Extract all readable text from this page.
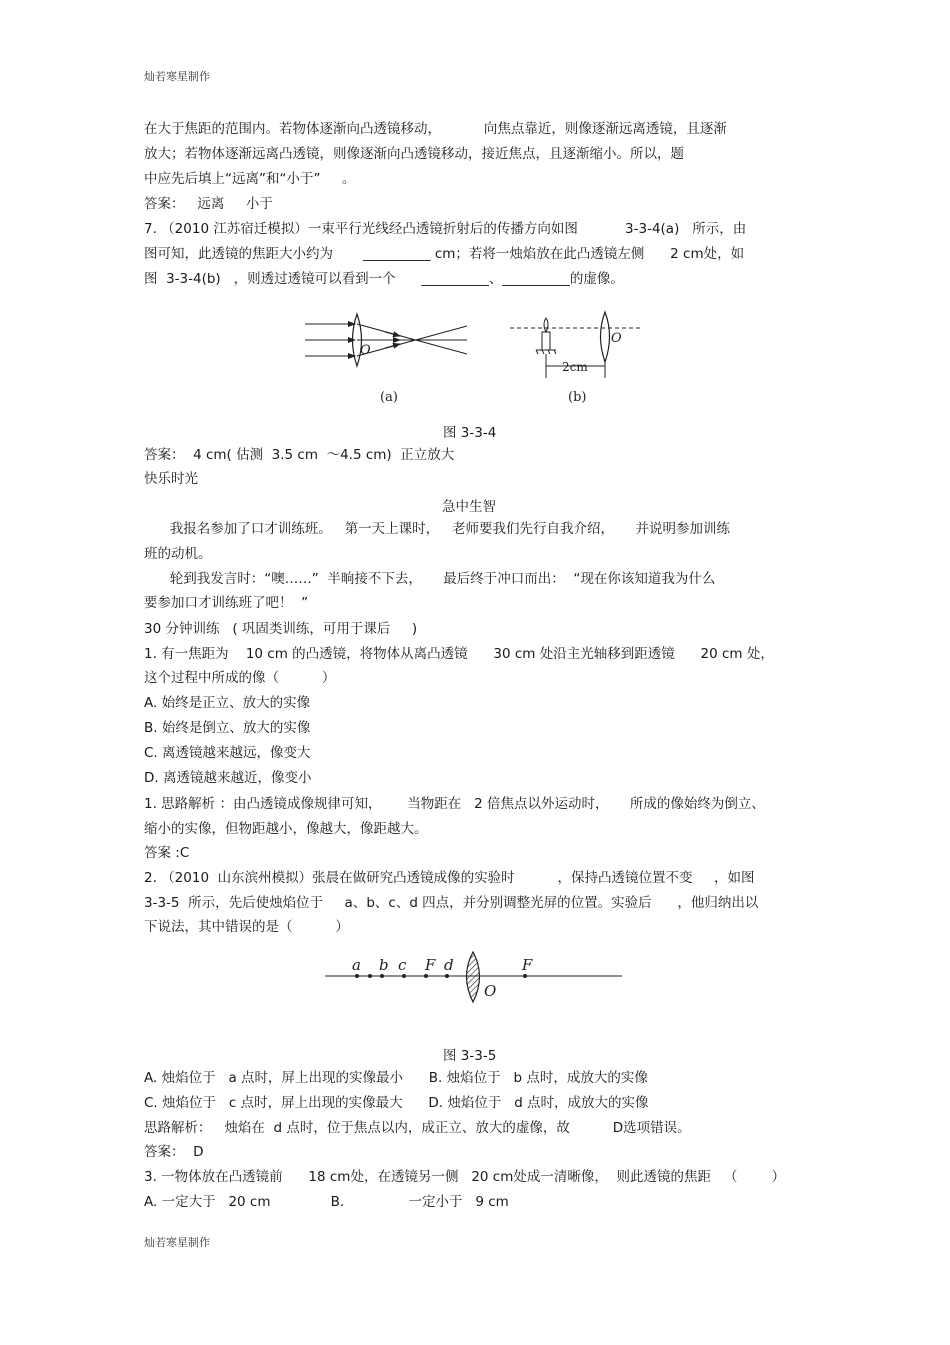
灿若寒星制作
在大于焦距的范围内。若物体逐渐向凸透镜移动，          向焦点靠近，则像逐渐远离透镜，且逐渐
放大；若物体逐渐远离凸透镜，则像逐渐向凸透镜移动，接近焦点，且逐渐缩小。所以，题
中应先后填上“远离”和“小于”     。
答案：   远离     小于
7. （2010 江苏宿迁模拟）一束平行光线经凸透镜折射后的传播方向如图           3-3-4(a)   所示，由
图可知，此透镜的焦距大小约为       __________ cm；若将一烛焰放在此凸透镜左侧      2 cm处，如
图  3-3-4(b)   ，则透过透镜可以看到一个      __________、__________的虚像。
O
(a)
O
2cm
(b)
图 3-3-4
答案：  4 cm( 估测  3.5 cm  ～4.5 cm)  正立放大
快乐时光
急中生智
我报名参加了口才训练班。   第一天上课时，   老师要我们先行自我介绍，     并说明参加训练
班的动机。
轮到我发言时：“噢……”  半晌接不下去，     最后终于冲口而出：  “现在你该知道我为什么
要参加口才训练班了吧！  ”
30 分钟训练   ( 巩固类训练，可用于课后     )
1. 有一焦距为    10 cm 的凸透镜，将物体从离凸透镜      30 cm 处沿主光轴移到距透镜      20 cm 处，
这个过程中所成的像（          ）
A. 始终是正立、放大的实像
B. 始终是倒立、放大的实像
C. 离透镜越来越远，像变大
D. 离透镜越来越近，像变小
1. 思路解析 ：由凸透镜成像规律可知，      当物距在   2 倍焦点以外运动时，     所成的像始终为倒立、
缩小的实像，但物距越小，像越大，像距越大。
答案 :C
2. （2010  山东滨州模拟）张晨在做研究凸透镜成像的实验时          ，保持凸透镜位置不变     ，如图
3-3-5  所示，先后使烛焰位于     a、b、c、d 四点，并分别调整光屏的位置。实验后      ，他归纳出以
下说法，其中错误的是（          ）
a b c F d	F
O
图 3-3-5
A. 烛焰位于   a 点时，屏上出现的实像最小      B. 烛焰位于   b 点时，成放大的实像
C. 烛焰位于   c 点时，屏上出现的实像最大      D. 烛焰位于   d 点时，成放大的实像
思路解析：   烛焰在  d 点时，位于焦点以内，成正立、放大的虚像，故          D选项错误。
答案：  D
3. 一物体放在凸透镜前      18 cm处，在透镜另一侧   20 cm处成一清晰像，  则此透镜的焦距   （        ）
A. 一定大于   20 cm              B.               一定小于   9 cm
灿若寒星制作
